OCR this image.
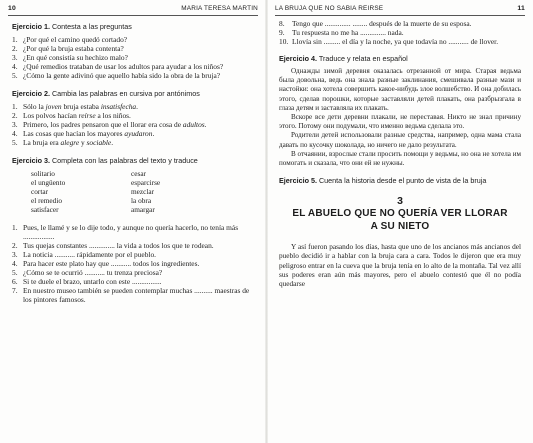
10	MARIA TERESA MARTIN
Ejercicio 1. Contesta a las preguntas
1. ¿Por qué el camino quedó cortado?
2. ¿Por qué la bruja estaba contenta?
3. ¿En qué consistía su hechizo malo?
4. ¿Qué remedios trataban de usar los adultos para ayudar a los niños?
5. ¿Cómo la gente adivinó que aquello había sido la obra de la bruja?
Ejercicio 2. Cambia las palabras en cursiva por antónimos
1. Sólo la joven bruja estaba insatisfecha.
2. Los polvos hacían reírse a los niños.
3. Primero, los padres pensaron que el llorar era cosa de adultos.
4. Las cosas que hacían los mayores ayudaron.
5. La bruja era alegre y sociable.
Ejercicio 3. Completa con las palabras del texto y traduce
solitario	cesar
el ungüento	esparcirse
cortar	mezclar
el remedio	la obra
satisfacer	amargar
1. Pues, le llamé y se lo dije todo, y aunque no quería hacerlo, no tenía más .................
2. Tus quejas constantes .............. la vida a todos los que te rodean.
3. La noticia ........... rápidamente por el pueblo.
4. Para hacer este plato hay que ........... todos los ingredientes.
5. ¿Cómo se te ocurrió ........... tu trenza preciosa?
6. Si te duele el brazo, untarlo con este ................
7. En nuestro museo también se pueden contemplar muchas .......... maestras de los pintores famosos.
LA BRUJA QUE NO SABIA REIRSE	11
8. Tengo que .............. ........ después de la muerte de su esposa.
9. Tu respuesta no me ha .............. nada.
10. Llovía sin ......... el día y la noche, ya que todavía no ........... de llover.
Ejercicio 4. Traduce y relata en español

Однажды зимой деревня оказалась отрезанной от мира. Старая ведьма была довольна, ведь она знала разные заклинания, смешивала разные мази и настойки: она хотела совершить какое-нибудь злое волшебство. И она добилась этого, сделав порошки, которые заставляли детей плакать, она разбрызгала в глаза детям и заставляла их плакать.

Вскоре все дети деревни плакали, не переставая. Никто не знал причину этого. Потому они подумали, что именно ведьма сделала это.

Родители детей использовали разные средства, например, одна мама стала давать по кусочку шоколада, но ничего не дало результата.

В отчаянии, взрослые стали просить помощи у ведьмы, но она не хотела им помогать и сказала, что они ей не нужны.

Ejercicio 5. Cuenta la historia desde el punto de vista de la bruja
3
EL ABUELO QUE NO QUERÍA VER LLORAR
A SU NIETO

Y así fueron pasando los días, hasta que uno de los ancianos más ancianos del pueblo decidió ir a hablar con la bruja cara a cara. Todos le dijeron que era muy peligroso entrar en la cueva que la bruja tenía en lo alto de la montaña. Tal vez allí sus poderes eran aún más mayores, pero el abuelo contestó que él no podía quedarse
